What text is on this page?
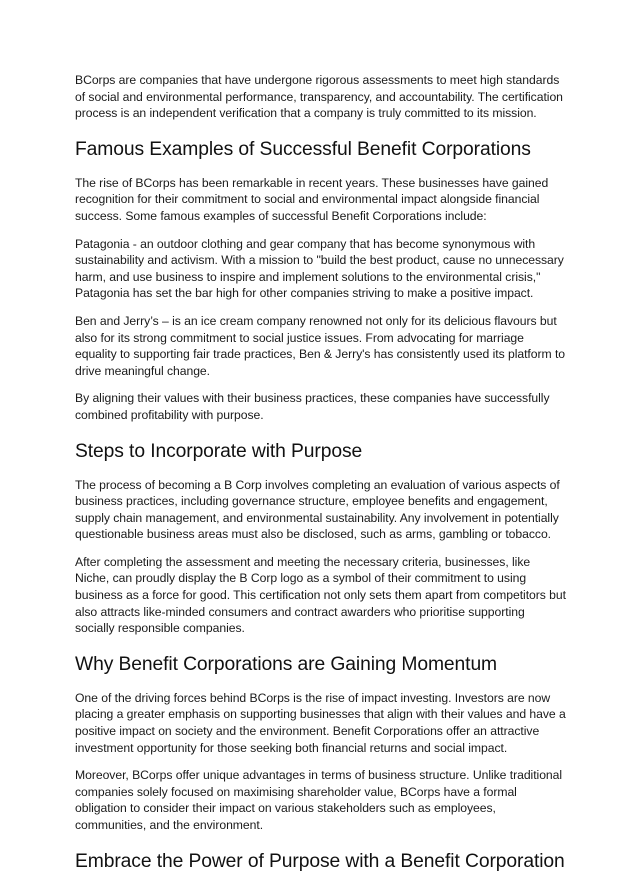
BCorps are companies that have undergone rigorous assessments to meet high standards of social and environmental performance, transparency, and accountability. The certification process is an independent verification that a company is truly committed to its mission.

Famous Examples of Successful Benefit Corporations

The rise of BCorps has been remarkable in recent years. These businesses have gained recognition for their commitment to social and environmental impact alongside financial success. Some famous examples of successful Benefit Corporations include:

Patagonia - an outdoor clothing and gear company that has become synonymous with sustainability and activism. With a mission to "build the best product, cause no unnecessary harm, and use business to inspire and implement solutions to the environmental crisis," Patagonia has set the bar high for other companies striving to make a positive impact.

Ben and Jerry’s – is an ice cream company renowned not only for its delicious flavours but also for its strong commitment to social justice issues. From advocating for marriage equality to supporting fair trade practices, Ben & Jerry's has consistently used its platform to drive meaningful change.

By aligning their values with their business practices, these companies have successfully combined profitability with purpose.

Steps to Incorporate with Purpose

The process of becoming a B Corp involves completing an evaluation of various aspects of business practices, including governance structure, employee benefits and engagement, supply chain management, and environmental sustainability. Any involvement in potentially questionable business areas must also be disclosed, such as arms, gambling or tobacco.

After completing the assessment and meeting the necessary criteria, businesses, like Niche, can proudly display the B Corp logo as a symbol of their commitment to using business as a force for good. This certification not only sets them apart from competitors but also attracts like-minded consumers and contract awarders who prioritise supporting socially responsible companies.

Why Benefit Corporations are Gaining Momentum

One of the driving forces behind BCorps is the rise of impact investing. Investors are now placing a greater emphasis on supporting businesses that align with their values and have a positive impact on society and the environment. Benefit Corporations offer an attractive investment opportunity for those seeking both financial returns and social impact.

Moreover, BCorps offer unique advantages in terms of business structure. Unlike traditional companies solely focused on maximising shareholder value, BCorps have a formal obligation to consider their impact on various stakeholders such as employees, communities, and the environment.

Embrace the Power of Purpose with a Benefit Corporation
